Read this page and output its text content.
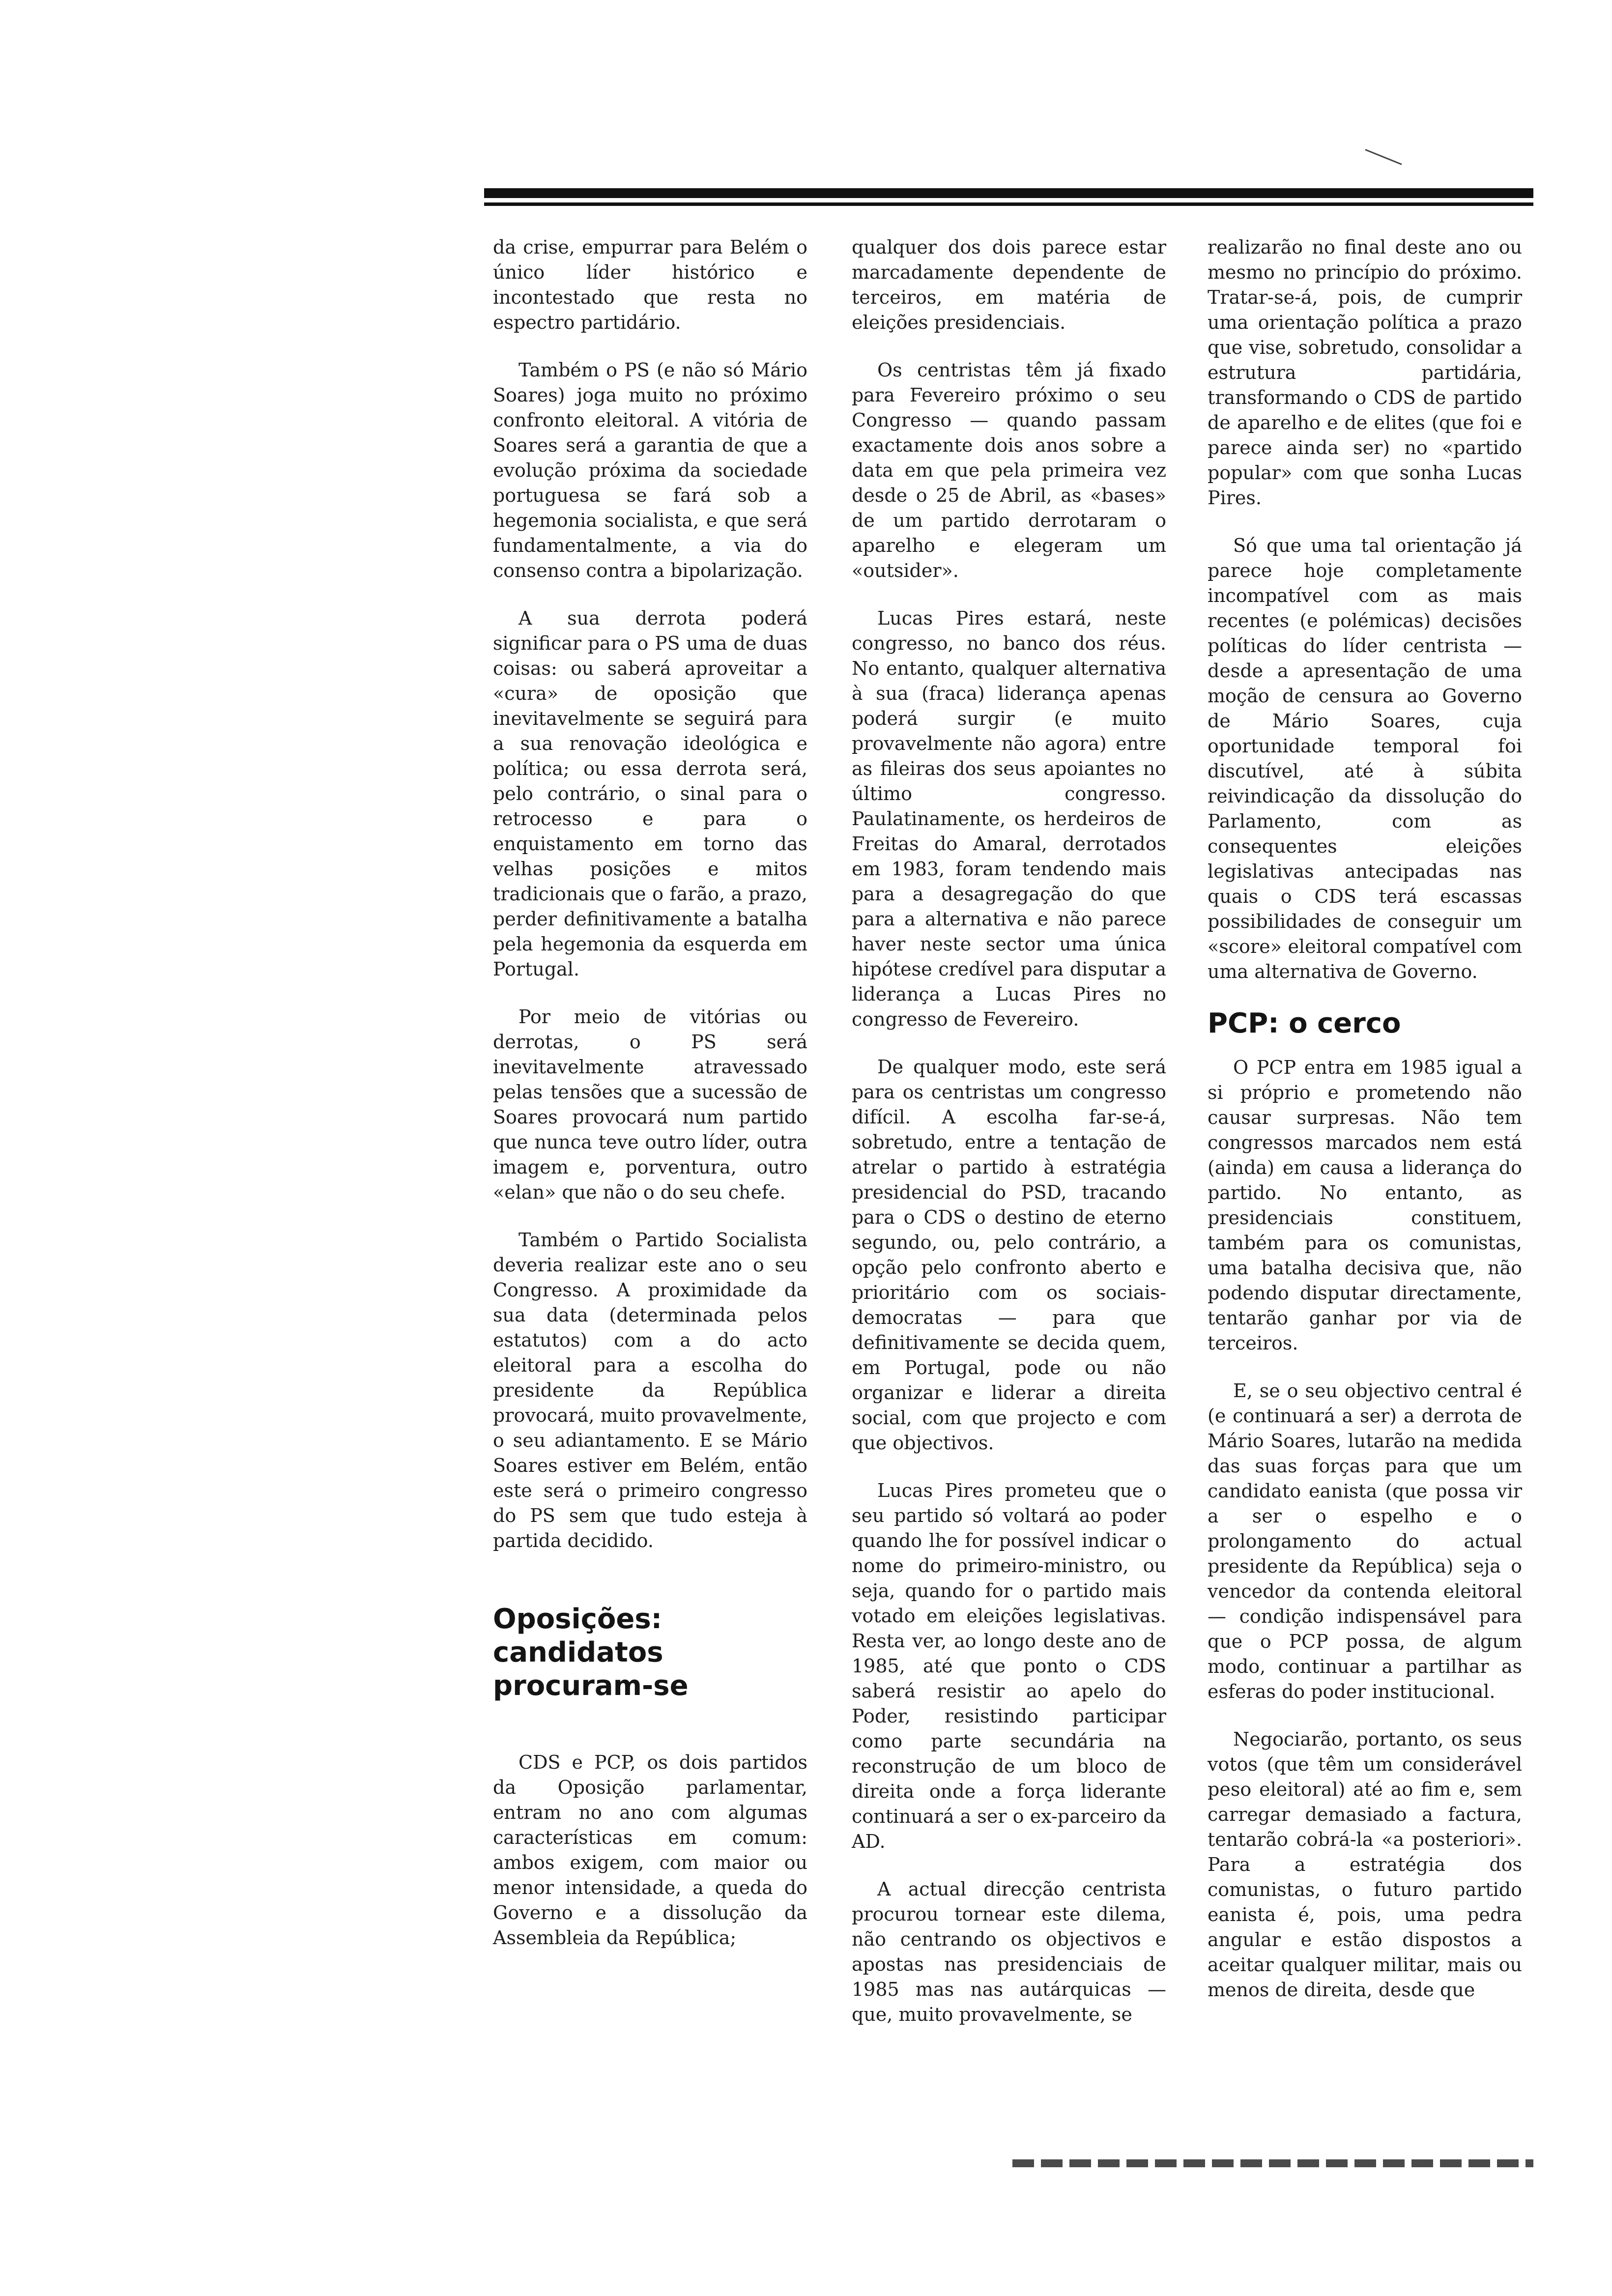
da crise, empurrar para Belém o único líder histórico e incontestado que resta no espectro partidário.

Também o PS (e não só Mário Soares) joga muito no próximo confronto eleitoral. A vitória de Soares será a garantia de que a evolução próxima da sociedade portuguesa se fará sob a hegemonia socialista, e que será fundamentalmente, a via do consenso contra a bipolarização.

A sua derrota poderá significar para o PS uma de duas coisas: ou saberá aproveitar a «cura» de oposição que inevitavelmente se seguirá para a sua renovação ideológica e política; ou essa derrota será, pelo contrário, o sinal para o retrocesso e para o enquistamento em torno das velhas posições e mitos tradicionais que o farão, a prazo, perder definitivamente a batalha pela hegemonia da esquerda em Portugal.

Por meio de vitórias ou derrotas, o PS será inevitavelmente atravessado pelas tensões que a sucessão de Soares provocará num partido que nunca teve outro líder, outra imagem e, porventura, outro «elan» que não o do seu chefe.

Também o Partido Socialista deveria realizar este ano o seu Congresso. A proximidade da sua data (determinada pelos estatutos) com a do acto eleitoral para a escolha do presidente da República provocará, muito provavelmente, o seu adiantamento. E se Mário Soares estiver em Belém, então este será o primeiro congresso do PS sem que tudo esteja à partida decidido.

Oposições: candidatos procuram-se

CDS e PCP, os dois partidos da Oposição parlamentar, entram no ano com algumas características em comum: ambos exigem, com maior ou menor intensidade, a queda do Governo e a dissolução da Assembleia da República;

qualquer dos dois parece estar marcadamente dependente de terceiros, em matéria de eleições presidenciais.

Os centristas têm já fixado para Fevereiro próximo o seu Congresso — quando passam exactamente dois anos sobre a data em que pela primeira vez desde o 25 de Abril, as «bases» de um partido derrotaram o aparelho e elegeram um «outsider».

Lucas Pires estará, neste congresso, no banco dos réus. No entanto, qualquer alternativa à sua (fraca) liderança apenas poderá surgir (e muito provavelmente não agora) entre as fileiras dos seus apoiantes no último congresso. Paulatinamente, os herdeiros de Freitas do Amaral, derrotados em 1983, foram tendendo mais para a desagregação do que para a alternativa e não parece haver neste sector uma única hipótese credível para disputar a liderança a Lucas Pires no congresso de Fevereiro.

De qualquer modo, este será para os centristas um congresso difícil. A escolha far-se-á, sobretudo, entre a tentação de atrelar o partido à estratégia presidencial do PSD, tracando para o CDS o destino de eterno segundo, ou, pelo contrário, a opção pelo confronto aberto e prioritário com os sociais-democratas — para que definitivamente se decida quem, em Portugal, pode ou não organizar e liderar a direita social, com que projecto e com que objectivos.

Lucas Pires prometeu que o seu partido só voltará ao poder quando lhe for possível indicar o nome do primeiro-ministro, ou seja, quando for o partido mais votado em eleições legislativas. Resta ver, ao longo deste ano de 1985, até que ponto o CDS saberá resistir ao apelo do Poder, resistindo participar como parte secundária na reconstrução de um bloco de direita onde a força liderante continuará a ser o ex-parceiro da AD.

A actual direcção centrista procurou tornear este dilema, não centrando os objectivos e apostas nas presidenciais de 1985 mas nas autárquicas — que, muito provavelmente, se

realizarão no final deste ano ou mesmo no princípio do próximo. Tratar-se-á, pois, de cumprir uma orientação política a prazo que vise, sobretudo, consolidar a estrutura partidária, transformando o CDS de partido de aparelho e de elites (que foi e parece ainda ser) no «partido popular» com que sonha Lucas Pires.

Só que uma tal orientação já parece hoje completamente incompatível com as mais recentes (e polémicas) decisões políticas do líder centrista — desde a apresentação de uma moção de censura ao Governo de Mário Soares, cuja oportunidade temporal foi discutível, até à súbita reivindicação da dissolução do Parlamento, com as consequentes eleições legislativas antecipadas nas quais o CDS terá escassas possibilidades de conseguir um «score» eleitoral compatível com uma alternativa de Governo.

PCP: o cerco

O PCP entra em 1985 igual a si próprio e prometendo não causar surpresas. Não tem congressos marcados nem está (ainda) em causa a liderança do partido. No entanto, as presidenciais constituem, também para os comunistas, uma batalha decisiva que, não podendo disputar directamente, tentarão ganhar por via de terceiros.

E, se o seu objectivo central é (e continuará a ser) a derrota de Mário Soares, lutarão na medida das suas forças para que um candidato eanista (que possa vir a ser o espelho e o prolongamento do actual presidente da República) seja o vencedor da contenda eleitoral — condição indispensável para que o PCP possa, de algum modo, continuar a partilhar as esferas do poder institucional.

Negociarão, portanto, os seus votos (que têm um considerável peso eleitoral) até ao fim e, sem carregar demasiado a factura, tentarão cobrá-la «a posteriori». Para a estratégia dos comunistas, o futuro partido eanista é, pois, uma pedra angular e estão dispostos a aceitar qualquer militar, mais ou menos de direita, desde que
